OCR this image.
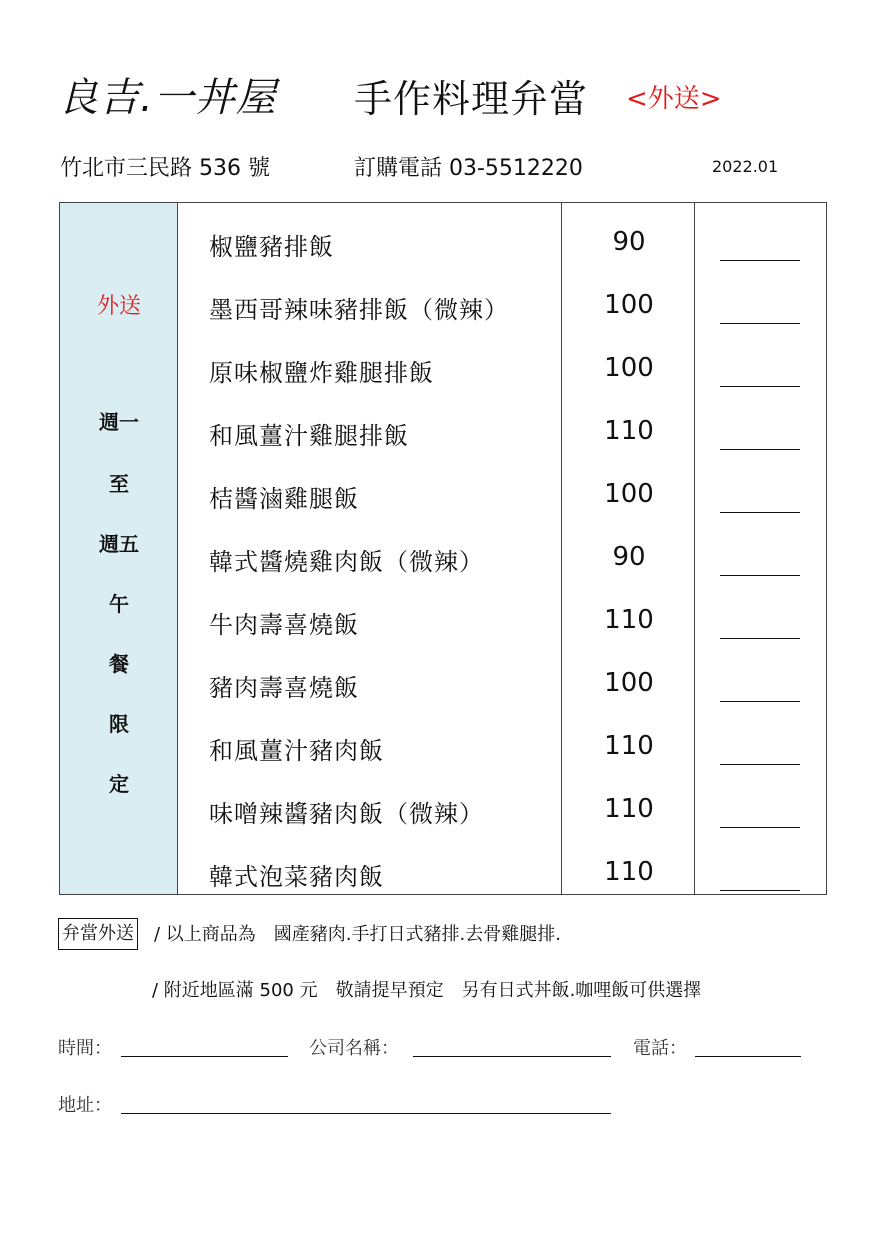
良吉.一丼屋 手作料理弁當 <外送>
竹北市三民路 536 號	訂購電話 03-5512220	2022.01
外送
週一
至
週五
午
餐
限
定
椒鹽豬排飯	90
墨西哥辣味豬排飯（微辣）	100
原味椒鹽炸雞腿排飯	100
和風薑汁雞腿排飯	110
桔醬滷雞腿飯	100
韓式醬燒雞肉飯（微辣）	90
牛肉壽喜燒飯	110
豬肉壽喜燒飯	100
和風薑汁豬肉飯	110
味噌辣醬豬肉飯（微辣）	110
韓式泡菜豬肉飯	110
弁當外送 / 以上商品為　國產豬肉.手打日式豬排.去骨雞腿排.
/ 附近地區滿 500 元　敬請提早預定　另有日式丼飯.咖哩飯可供選擇
時間：	公司名稱：	電話：
地址：
